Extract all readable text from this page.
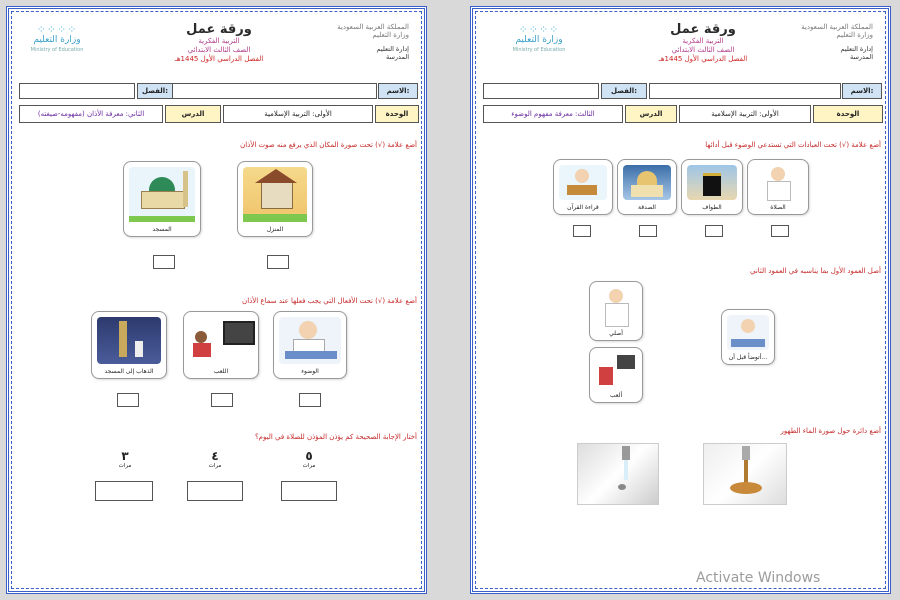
⁘⁘⁘⁘
وزارة التعليم
Ministry of Education
ورقة عمل
التربية الفكرية
الصف الثالث الابتدائي
الفصل الدراسي الأول 1445هـ
المملكة العربية السعودية
وزارة التعليم
إدارة التعليم
المدرسة
الاسم:
الفصل:
الوحدة
الأولى: التربية الإسلامية
الدرس
الثاني: معرفة الأذان (مفهومه-صيغته)
أضع علامة (√) تحت صورة المكان الذي يرفع منه صوت الأذان
المنزل
المسجد
أضع علامة (√) تحت الأفعال التي يجب فعلها عند سماع الأذان
الوضوء
اللعب
الذهاب إلى المسجد
أختار الإجابة الصحيحة كم يؤذن المؤذن للصلاة في اليوم؟
٥
مرات
٤
مرات
٣
مرات
⁘⁘⁘⁘
وزارة التعليم
Ministry of Education
ورقة عمل
التربية الفكرية
الصف الثالث الابتدائي
الفصل الدراسي الأول 1445هـ
المملكة العربية السعودية
وزارة التعليم
إدارة التعليم
المدرسة
الاسم:
الفصل:
الوحدة
الأولى: التربية الإسلامية
الدرس
الثالث: معرفة مفهوم الوضوء
أضع علامة (√) تحت العبادات التي تستدعي الوضوء قبل أدائها
الصلاة
الطواف
الصدقة
قراءة القرآن
أصل العمود الأول بما يناسبه في العمود الثاني
أتوضأ قبل أن...
أصلي
ألعب
أضع دائرة حول صورة الماء الطهور
Activate Windows
